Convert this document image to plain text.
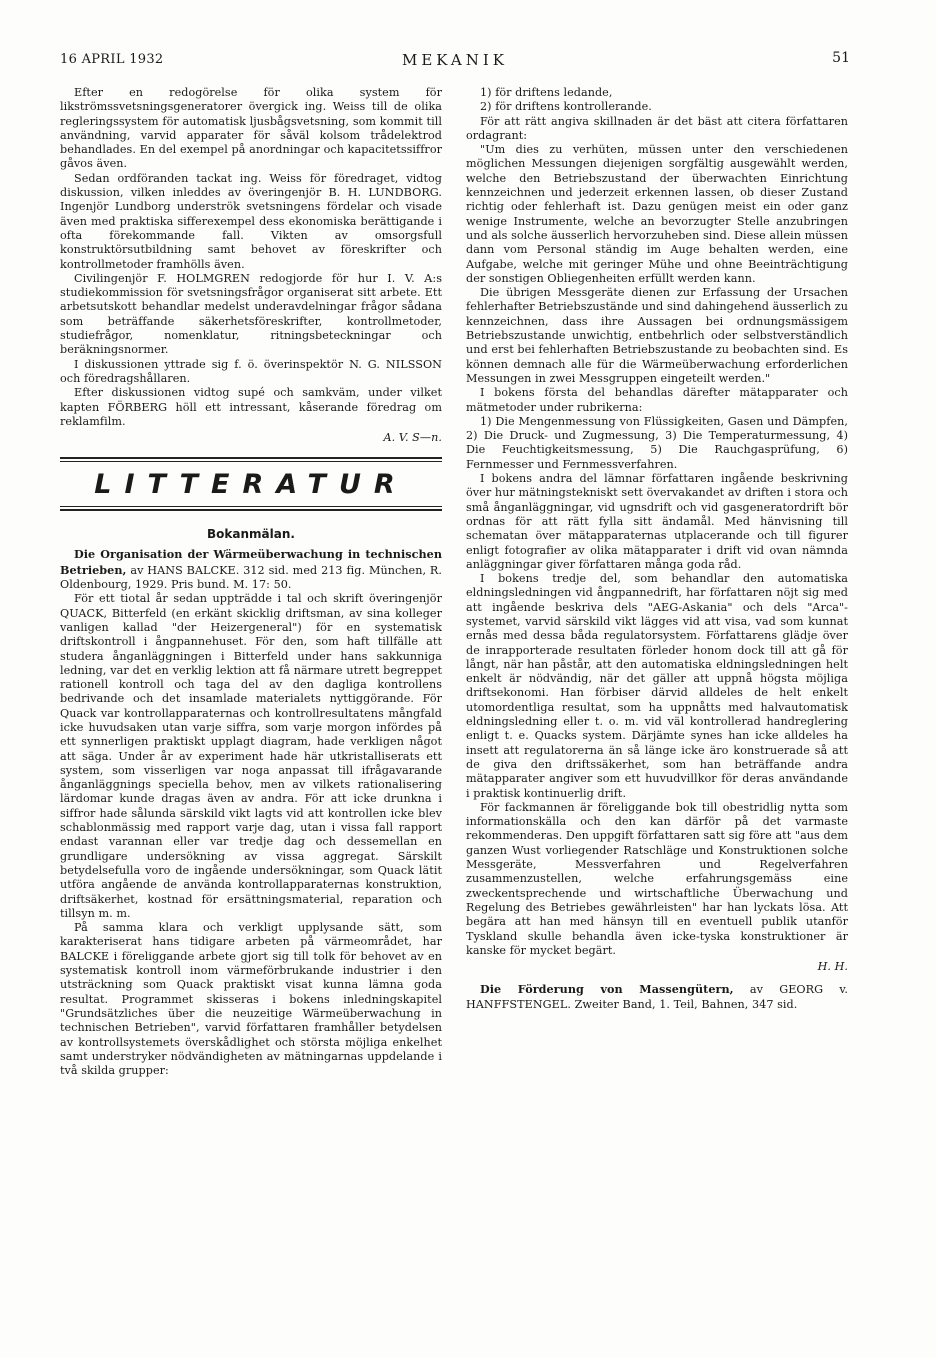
16 APRIL 1932	MEKANIK	51

Efter en redogörelse för olika system för likströmssvetsningsgeneratorer övergick ing. Weiss till de olika regleringssystem för automatisk ljusbågsvetsning, som kommit till användning, varvid apparater för såväl kolsom trådelektrod behandlades. En del exempel på anordningar och kapacitetssiffror gåvos även.

Sedan ordföranden tackat ing. Weiss för föredraget, vidtog diskussion, vilken inleddes av överingenjör B. H. LUNDBORG. Ingenjör Lundborg underströk svetsningens fördelar och visade även med praktiska sifferexempel dess ekonomiska berättigande i ofta förekommande fall. Vikten av omsorgsfull konstruktörsutbildning samt behovet av föreskrifter och kontrollmetoder framhölls även.

Civilingenjör F. HOLMGREN redogjorde för hur I. V. A:s studiekommission för svetsningsfrågor organiserat sitt arbete. Ett arbetsutskott behandlar medelst underavdelningar frågor sådana som beträffande säkerhetsföreskrifter, kontrollmetoder, studiefrågor, nomenklatur, ritningsbeteckningar och beräkningsnormer.

I diskussionen yttrade sig f. ö. överinspektör N. G. NILSSON och föredragshållaren.

Efter diskussionen vidtog supé och samkväm, under vilket kapten FÖRBERG höll ett intressant, kåserande föredrag om reklamfilm.

A. V. S—n.

LITTERATUR
Bokanmälan.

Die Organisation der Wärmeüberwachung in technischen Betrieben, av HANS BALCKE. 312 sid. med 213 fig. München, R. Oldenbourg, 1929. Pris bund. M. 17: 50.

För ett tiotal år sedan uppträdde i tal och skrift överingenjör QUACK, Bitterfeld (en erkänt skicklig driftsman, av sina kolleger vanligen kallad "der Heizergeneral") för en systematisk driftskontroll i ångpannehuset. För den, som haft tillfälle att studera ånganläggningen i Bitterfeld under hans sakkunniga ledning, var det en verklig lektion att få närmare utrett begreppet rationell kontroll och taga del av den dagliga kontrollens bedrivande och det insamlade materialets nyttiggörande. För Quack var kontrollapparaternas och kontrollresultatens mångfald icke huvudsaken utan varje siffra, som varje morgon infördes på ett synnerligen praktiskt upplagt diagram, hade verkligen något att säga. Under år av experiment hade här utkristalliserats ett system, som visserligen var noga anpassat till ifrågavarande ånganläggnings speciella behov, men av vilkets rationalisering lärdomar kunde dragas även av andra. För att icke drunkna i siffror hade sålunda särskild vikt lagts vid att kontrollen icke blev schablonmässig med rapport varje dag, utan i vissa fall rapport endast varannan eller var tredje dag och dessemellan en grundligare undersökning av vissa aggregat. Särskilt betydelsefulla voro de ingående undersökningar, som Quack lätit utföra angående de använda kontrollapparaternas konstruktion, driftsäkerhet, kostnad för ersättningsmaterial, reparation och tillsyn m. m.

På samma klara och verkligt upplysande sätt, som karakteriserat hans tidigare arbeten på värmeområdet, har BALCKE i föreliggande arbete gjort sig till tolk för behovet av en systematisk kontroll inom värmeförbrukande industrier i den utsträckning som Quack praktiskt visat kunna lämna goda resultat. Programmet skisseras i bokens inledningskapitel "Grundsätzliches über die neuzeitige Wärmeüberwachung in technischen Betrieben", varvid författaren framhåller betydelsen av kontrollsystemets överskådlighet och största möjliga enkelhet samt understryker nödvändigheten av mätningarnas uppdelande i två skilda grupper:

1) för driftens ledande,

2) för driftens kontrollerande.

För att rätt angiva skillnaden är det bäst att citera författaren ordagrant:

"Um dies zu verhüten, müssen unter den verschiedenen möglichen Messungen diejenigen sorgfältig ausgewählt werden, welche den Betriebszustand der überwachten Einrichtung kennzeichnen und jederzeit erkennen lassen, ob dieser Zustand richtig oder fehlerhaft ist. Dazu genügen meist ein oder ganz wenige Instrumente, welche an bevorzugter Stelle anzubringen und als solche äusserlich hervorzuheben sind. Diese allein müssen dann vom Personal ständig im Auge behalten werden, eine Aufgabe, welche mit geringer Mühe und ohne Beeinträchtigung der sonstigen Obliegenheiten erfüllt werden kann.

Die übrigen Messgeräte dienen zur Erfassung der Ursachen fehlerhafter Betriebszustände und sind dahingehend äusserlich zu kennzeichnen, dass ihre Aussagen bei ordnungsmässigem Betriebszustande unwichtig, entbehrlich oder selbstverständlich und erst bei fehlerhaften Betriebszustande zu beobachten sind. Es können demnach alle für die Wärmeüberwachung erforderlichen Messungen in zwei Messgruppen eingeteilt werden."

I bokens första del behandlas därefter mätapparater och mätmetoder under rubrikerna:

1) Die Mengenmessung von Flüssigkeiten, Gasen und Dämpfen, 2) Die Druck- und Zugmessung, 3) Die Temperaturmessung, 4) Die Feuchtigkeitsmessung, 5) Die Rauchgasprüfung, 6) Fernmesser und Fernmessverfahren.

I bokens andra del lämnar författaren ingående beskrivning över hur mätningstekniskt sett övervakandet av driften i stora och små ånganläggningar, vid ugnsdrift och vid gasgeneratordrift bör ordnas för att rätt fylla sitt ändamål. Med hänvisning till schematan över mätapparaternas utplacerande och till figurer enligt fotografier av olika mätapparater i drift vid ovan nämnda anläggningar giver författaren många goda råd.

I bokens tredje del, som behandlar den automatiska eldningsledningen vid ångpannedrift, har författaren nöjt sig med att ingående beskriva dels "AEG-Askania" och dels "Arca"-systemet, varvid särskild vikt lägges vid att visa, vad som kunnat ernås med dessa båda regulatorsystem. Författarens glädje över de inrapporterade resultaten förleder honom dock till att gå för långt, när han påstår, att den automatiska eldningsledningen helt enkelt är nödvändig, när det gäller att uppnå högsta möjliga driftsekonomi. Han förbiser därvid alldeles de helt enkelt utomordentliga resultat, som ha uppnåtts med halvautomatisk eldningsledning eller t. o. m. vid väl kontrollerad handreglering enligt t. e. Quacks system. Därjämte synes han icke alldeles ha insett att regulatorerna än så länge icke äro konstruerade så att de giva den driftssäkerhet, som han beträffande andra mätapparater angiver som ett huvudvillkor för deras användande i praktisk kontinuerlig drift.

För fackmannen är föreliggande bok till obestridlig nytta som informationskälla och den kan därför på det varmaste rekommenderas. Den uppgift författaren satt sig före att "aus dem ganzen Wust vorliegender Ratschläge und Konstruktionen solche Messgeräte, Messverfahren und Regelverfahren zusammenzustellen, welche erfahrungsgemäss eine zweckentsprechende und wirtschaftliche Überwachung und Regelung des Betriebes gewährleisten" har han lyckats lösa. Att begära att han med hänsyn till en eventuell publik utanför Tyskland skulle behandla även icke-tyska konstruktioner är kanske för mycket begärt.

H. H.

Die Förderung von Massengütern, av GEORG v. HANFFSTENGEL. Zweiter Band, 1. Teil, Bahnen, 347 sid.
